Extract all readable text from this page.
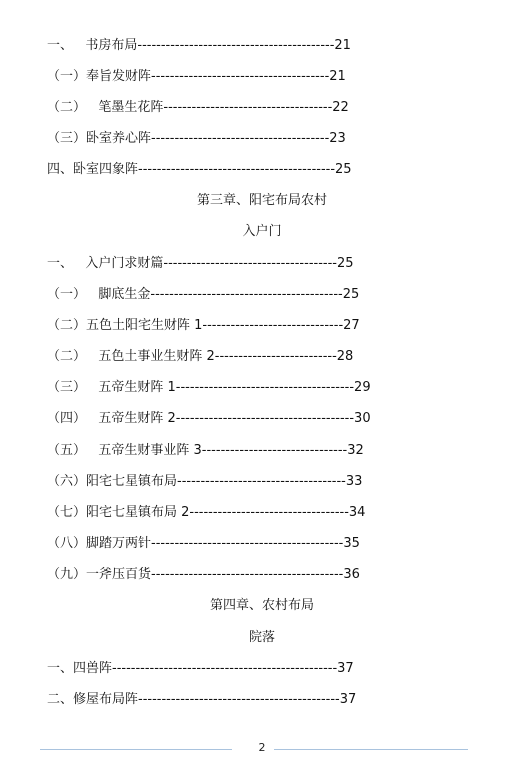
一、   书房布局------------------------------------------21
（一）奉旨发财阵--------------------------------------21
（二）   笔墨生花阵------------------------------------22
（三）卧室养心阵--------------------------------------23
四、卧室四象阵------------------------------------------25
第三章、阳宅布局农村
入户门
一、   入户门求财篇-------------------------------------25
（一）   脚底生金-----------------------------------------25
（二）五色土阳宅生财阵 1------------------------------27
（二）   五色土事业生财阵 2--------------------------28
（三）   五帝生财阵 1--------------------------------------29
（四）   五帝生财阵 2--------------------------------------30
（五）   五帝生财事业阵 3-------------------------------32
（六）阳宅七星镇布局------------------------------------33
（七）阳宅七星镇布局 2----------------------------------34
（八）脚踏万两针-----------------------------------------35
（九）一斧压百货-----------------------------------------36
第四章、农村布局
院落
一、四兽阵------------------------------------------------37
二、修屋布局阵-------------------------------------------37
2
